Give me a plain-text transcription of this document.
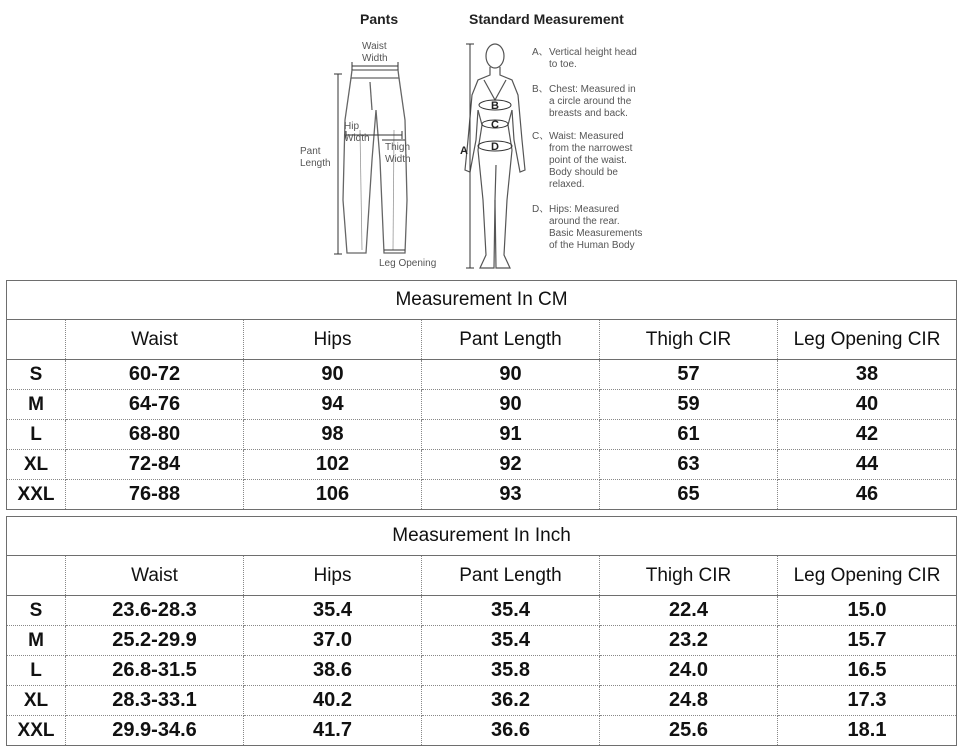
Pants	Standard Measurement
Waist
Width
Hip
Width
Thigh
Width
Pant
Length
Leg Opening
A
B
C
D
A、 Vertical height head
to toe.
B、 Chest: Measured in
a circle around the
breasts and back.
C、 Waist: Measured
from the narrowest
point of the waist.
Body should be
relaxed.
D、 Hips: Measured
around the rear.
Basic Measurements
of the Human Body
Measurement In CM					
	Waist	Hips	Pant Length	Thigh CIR	Leg Opening CIR
S	60-72	90	90	57	38
M	64-76	94	90	59	40
L	68-80	98	91	61	42
XL	72-84	102	92	63	44
XXL	76-88	106	93	65	46
Measurement In Inch					
	Waist	Hips	Pant Length	Thigh CIR	Leg Opening CIR
S	23.6-28.3	35.4	35.4	22.4	15.0
M	25.2-29.9	37.0	35.4	23.2	15.7
L	26.8-31.5	38.6	35.8	24.0	16.5
XL	28.3-33.1	40.2	36.2	24.8	17.3
XXL	29.9-34.6	41.7	36.6	25.6	18.1
